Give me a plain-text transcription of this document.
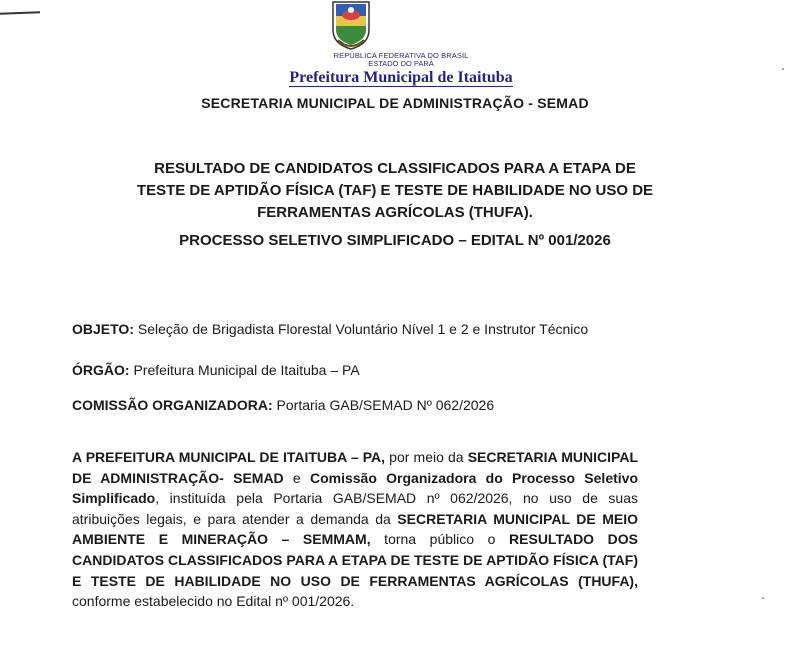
REPÚBLICA FEDERATIVA DO BRASIL
ESTADO DO PARÁ
Prefeitura Municipal de Itaituba
SECRETARIA MUNICIPAL DE ADMINISTRAÇÃO - SEMAD
RESULTADO DE CANDIDATOS CLASSIFICADOS PARA A ETAPA DE
TESTE DE APTIDÃO FÍSICA (TAF) E TESTE DE HABILIDADE NO USO DE
FERRAMENTAS AGRÍCOLAS (THUFA).
PROCESSO SELETIVO SIMPLIFICADO – EDITAL Nº 001/2026
OBJETO: Seleção de Brigadista Florestal Voluntário Nível 1 e 2 e Instrutor Técnico
ÓRGÃO: Prefeitura Municipal de Itaituba – PA
COMISSÃO ORGANIZADORA: Portaria GAB/SEMAD Nº 062/2026
A PREFEITURA MUNICIPAL DE ITAITUBA – PA, por meio da SECRETARIA MUNICIPAL DE ADMINISTRAÇÃO- SEMAD e Comissão Organizadora do Processo Seletivo Simplificado, instituída pela Portaria GAB/SEMAD nº 062/2026, no uso de suas atribuições legais, e para atender a demanda da SECRETARIA MUNICIPAL DE MEIO AMBIENTE E MINERAÇÃO – SEMMAM, torna público o RESULTADO DOS CANDIDATOS CLASSIFICADOS PARA A ETAPA DE TESTE DE APTIDÃO FÍSICA (TAF) E TESTE DE HABILIDADE NO USO DE FERRAMENTAS AGRÍCOLAS (THUFA), conforme estabelecido no Edital nº 001/2026.
